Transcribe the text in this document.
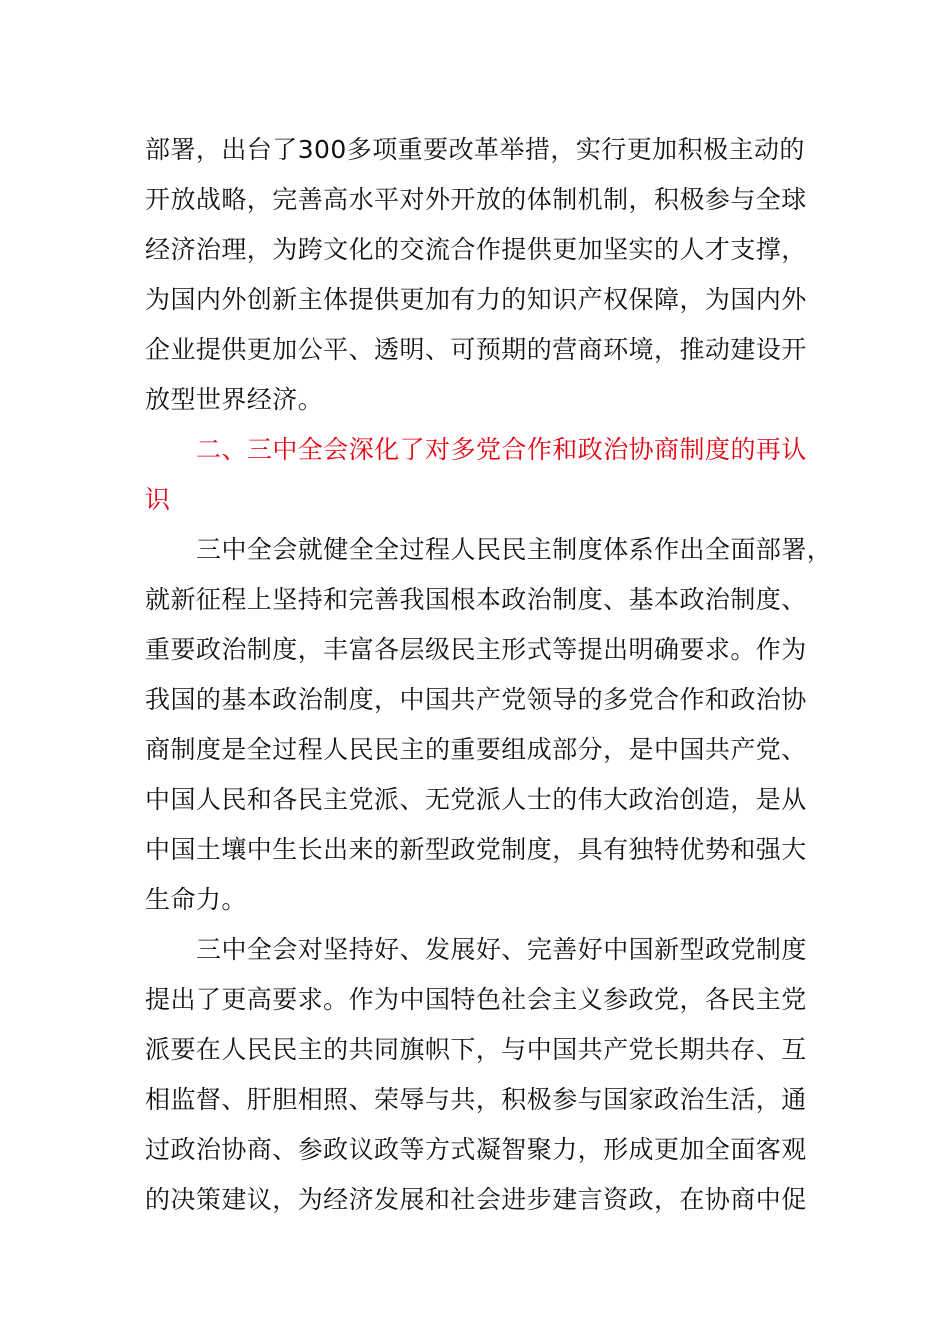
部署，出台了300多项重要改革举措，实行更加积极主动的

开放战略，完善高水平对外开放的体制机制，积极参与全球

经济治理，为跨文化的交流合作提供更加坚实的人才支撑，

为国内外创新主体提供更加有力的知识产权保障，为国内外

企业提供更加公平、透明、可预期的营商环境，推动建设开

放型世界经济。

二、三中全会深化了对多党合作和政治协商制度的再认

识

三中全会就健全全过程人民民主制度体系作出全面部署，

就新征程上坚持和完善我国根本政治制度、基本政治制度、

重要政治制度，丰富各层级民主形式等提出明确要求。作为

我国的基本政治制度，中国共产党领导的多党合作和政治协

商制度是全过程人民民主的重要组成部分，是中国共产党、

中国人民和各民主党派、无党派人士的伟大政治创造，是从

中国土壤中生长出来的新型政党制度，具有独特优势和强大

生命力。

三中全会对坚持好、发展好、完善好中国新型政党制度

提出了更高要求。作为中国特色社会主义参政党，各民主党

派要在人民民主的共同旗帜下，与中国共产党长期共存、互

相监督、肝胆相照、荣辱与共，积极参与国家政治生活，通

过政治协商、参政议政等方式凝智聚力，形成更加全面客观

的决策建议，为经济发展和社会进步建言资政，在协商中促
